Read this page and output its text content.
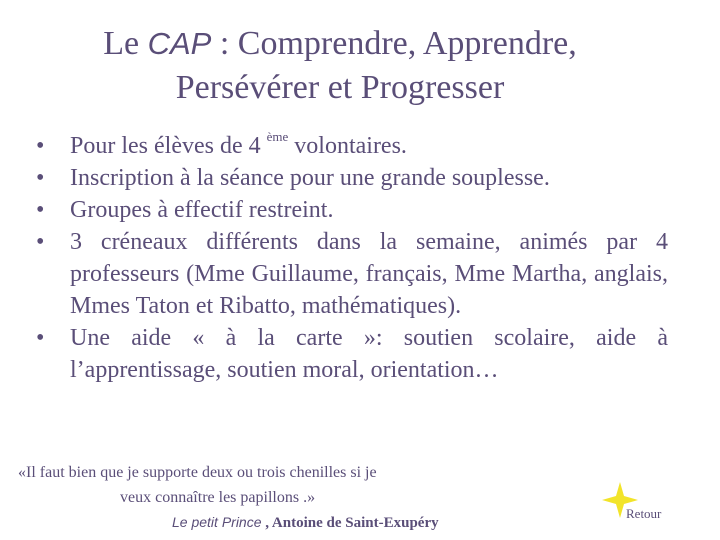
Le CAP : Comprendre, Apprendre,
Persévérer et Progresser
• Pour les élèves de 4 $^{ème}$ volontaires.
• Inscription à la séance pour une grande souplesse.
• Groupes à effectif restreint.
• 3 créneaux différents dans la semaine, animés par 4 professeurs (Mme Guillaume, français, Mme Martha, anglais, Mmes Taton et Ribatto, mathématiques).
• Une aide « à la carte »: soutien scolaire, aide à l’apprentissage, soutien moral, orientation…
«Il faut bien que je supporte deux ou trois chenilles si je
veux connaître les papillons .»
Le petit Prince , Antoine de Saint-Exupéry
Retour
